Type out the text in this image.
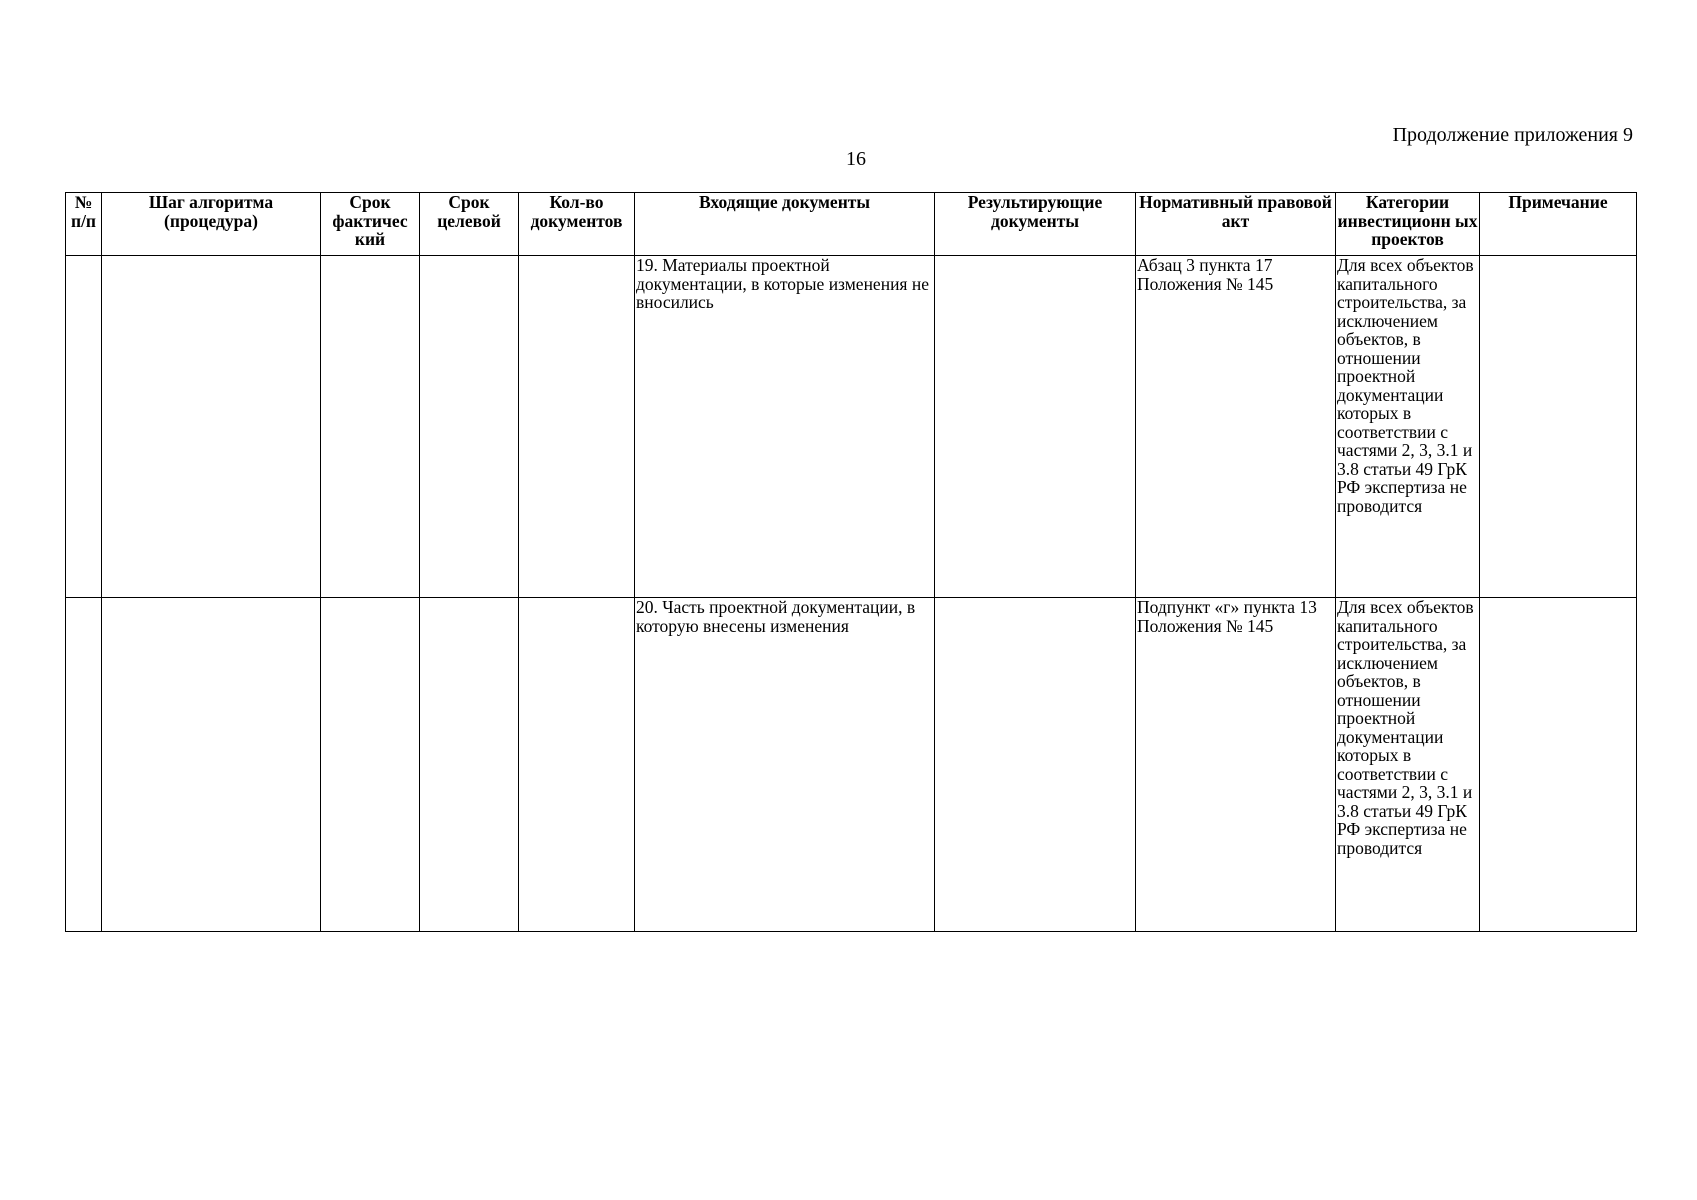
Продолжение приложения 9
16
№ п/п	Шаг алгоритма (процедура)	Срок фактичес кий	Срок целевой	Кол-во документов	Входящие документы	Результирующие документы	Нормативный правовой акт	Категории инвестиционн ых проектов	Примечание
					19. Материалы проектной документации, в которые изменения не вносились		Абзац 3 пункта 17 Положения № 145	Для всех объектов капитального строительства, за исключением объектов, в отношении проектной документации которых в соответствии с частями 2, 3, 3.1 и 3.8 статьи 49 ГрК РФ экспертиза не проводится	
					20. Часть проектной документации, в которую внесены изменения		Подпункт «г» пункта 13 Положения № 145	Для всех объектов капитального строительства, за исключением объектов, в отношении проектной документации которых в соответствии с частями 2, 3, 3.1 и 3.8 статьи 49 ГрК РФ экспертиза не проводится	
